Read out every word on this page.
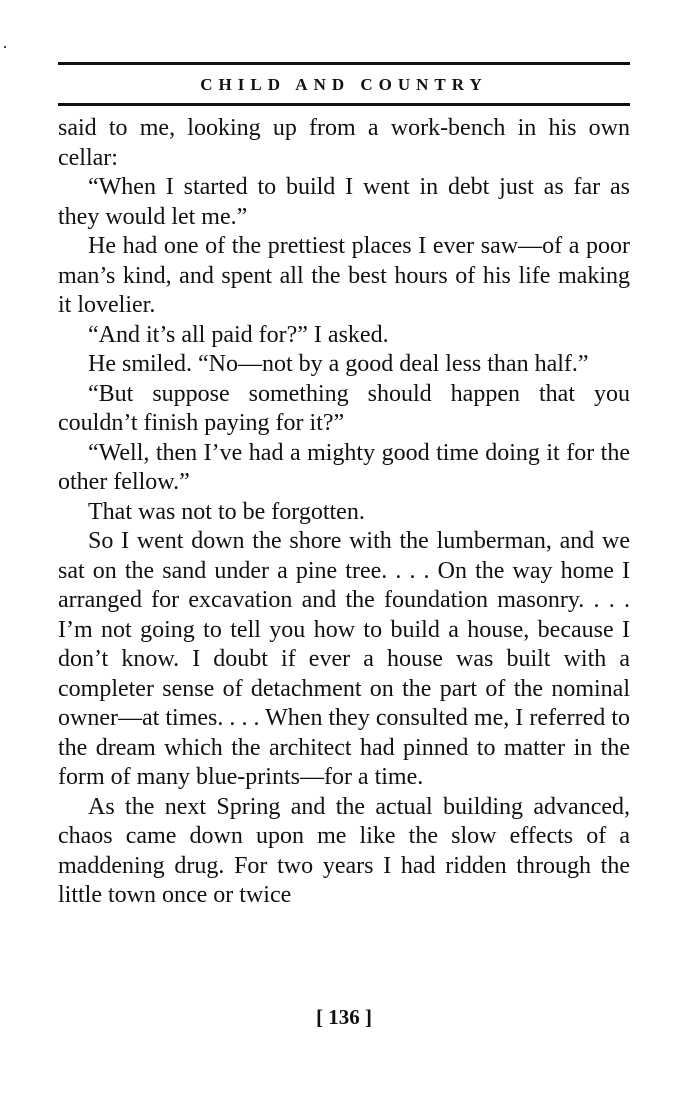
CHILD AND COUNTRY

said to me, looking up from a work-bench in his own cellar:

“When I started to build I went in debt just as far as they would let me.”

He had one of the prettiest places I ever saw—of a poor man’s kind, and spent all the best hours of his life making it lovelier.

“And it’s all paid for?” I asked.

He smiled. “No—not by a good deal less than half.”

“But suppose something should happen that you couldn’t finish paying for it?”

“Well, then I’ve had a mighty good time doing it for the other fellow.”

That was not to be forgotten.

So I went down the shore with the lumberman, and we sat on the sand under a pine tree. . . . On the way home I arranged for excavation and the foundation masonry. . . . I’m not going to tell you how to build a house, because I don’t know. I doubt if ever a house was built with a completer sense of detachment on the part of the nominal owner—at times. . . . When they consulted me, I referred to the dream which the architect had pinned to matter in the form of many blue-prints—for a time.

As the next Spring and the actual building advanced, chaos came down upon me like the slow effects of a maddening drug. For two years I had ridden through the little town once or twice

[ 136 ]
